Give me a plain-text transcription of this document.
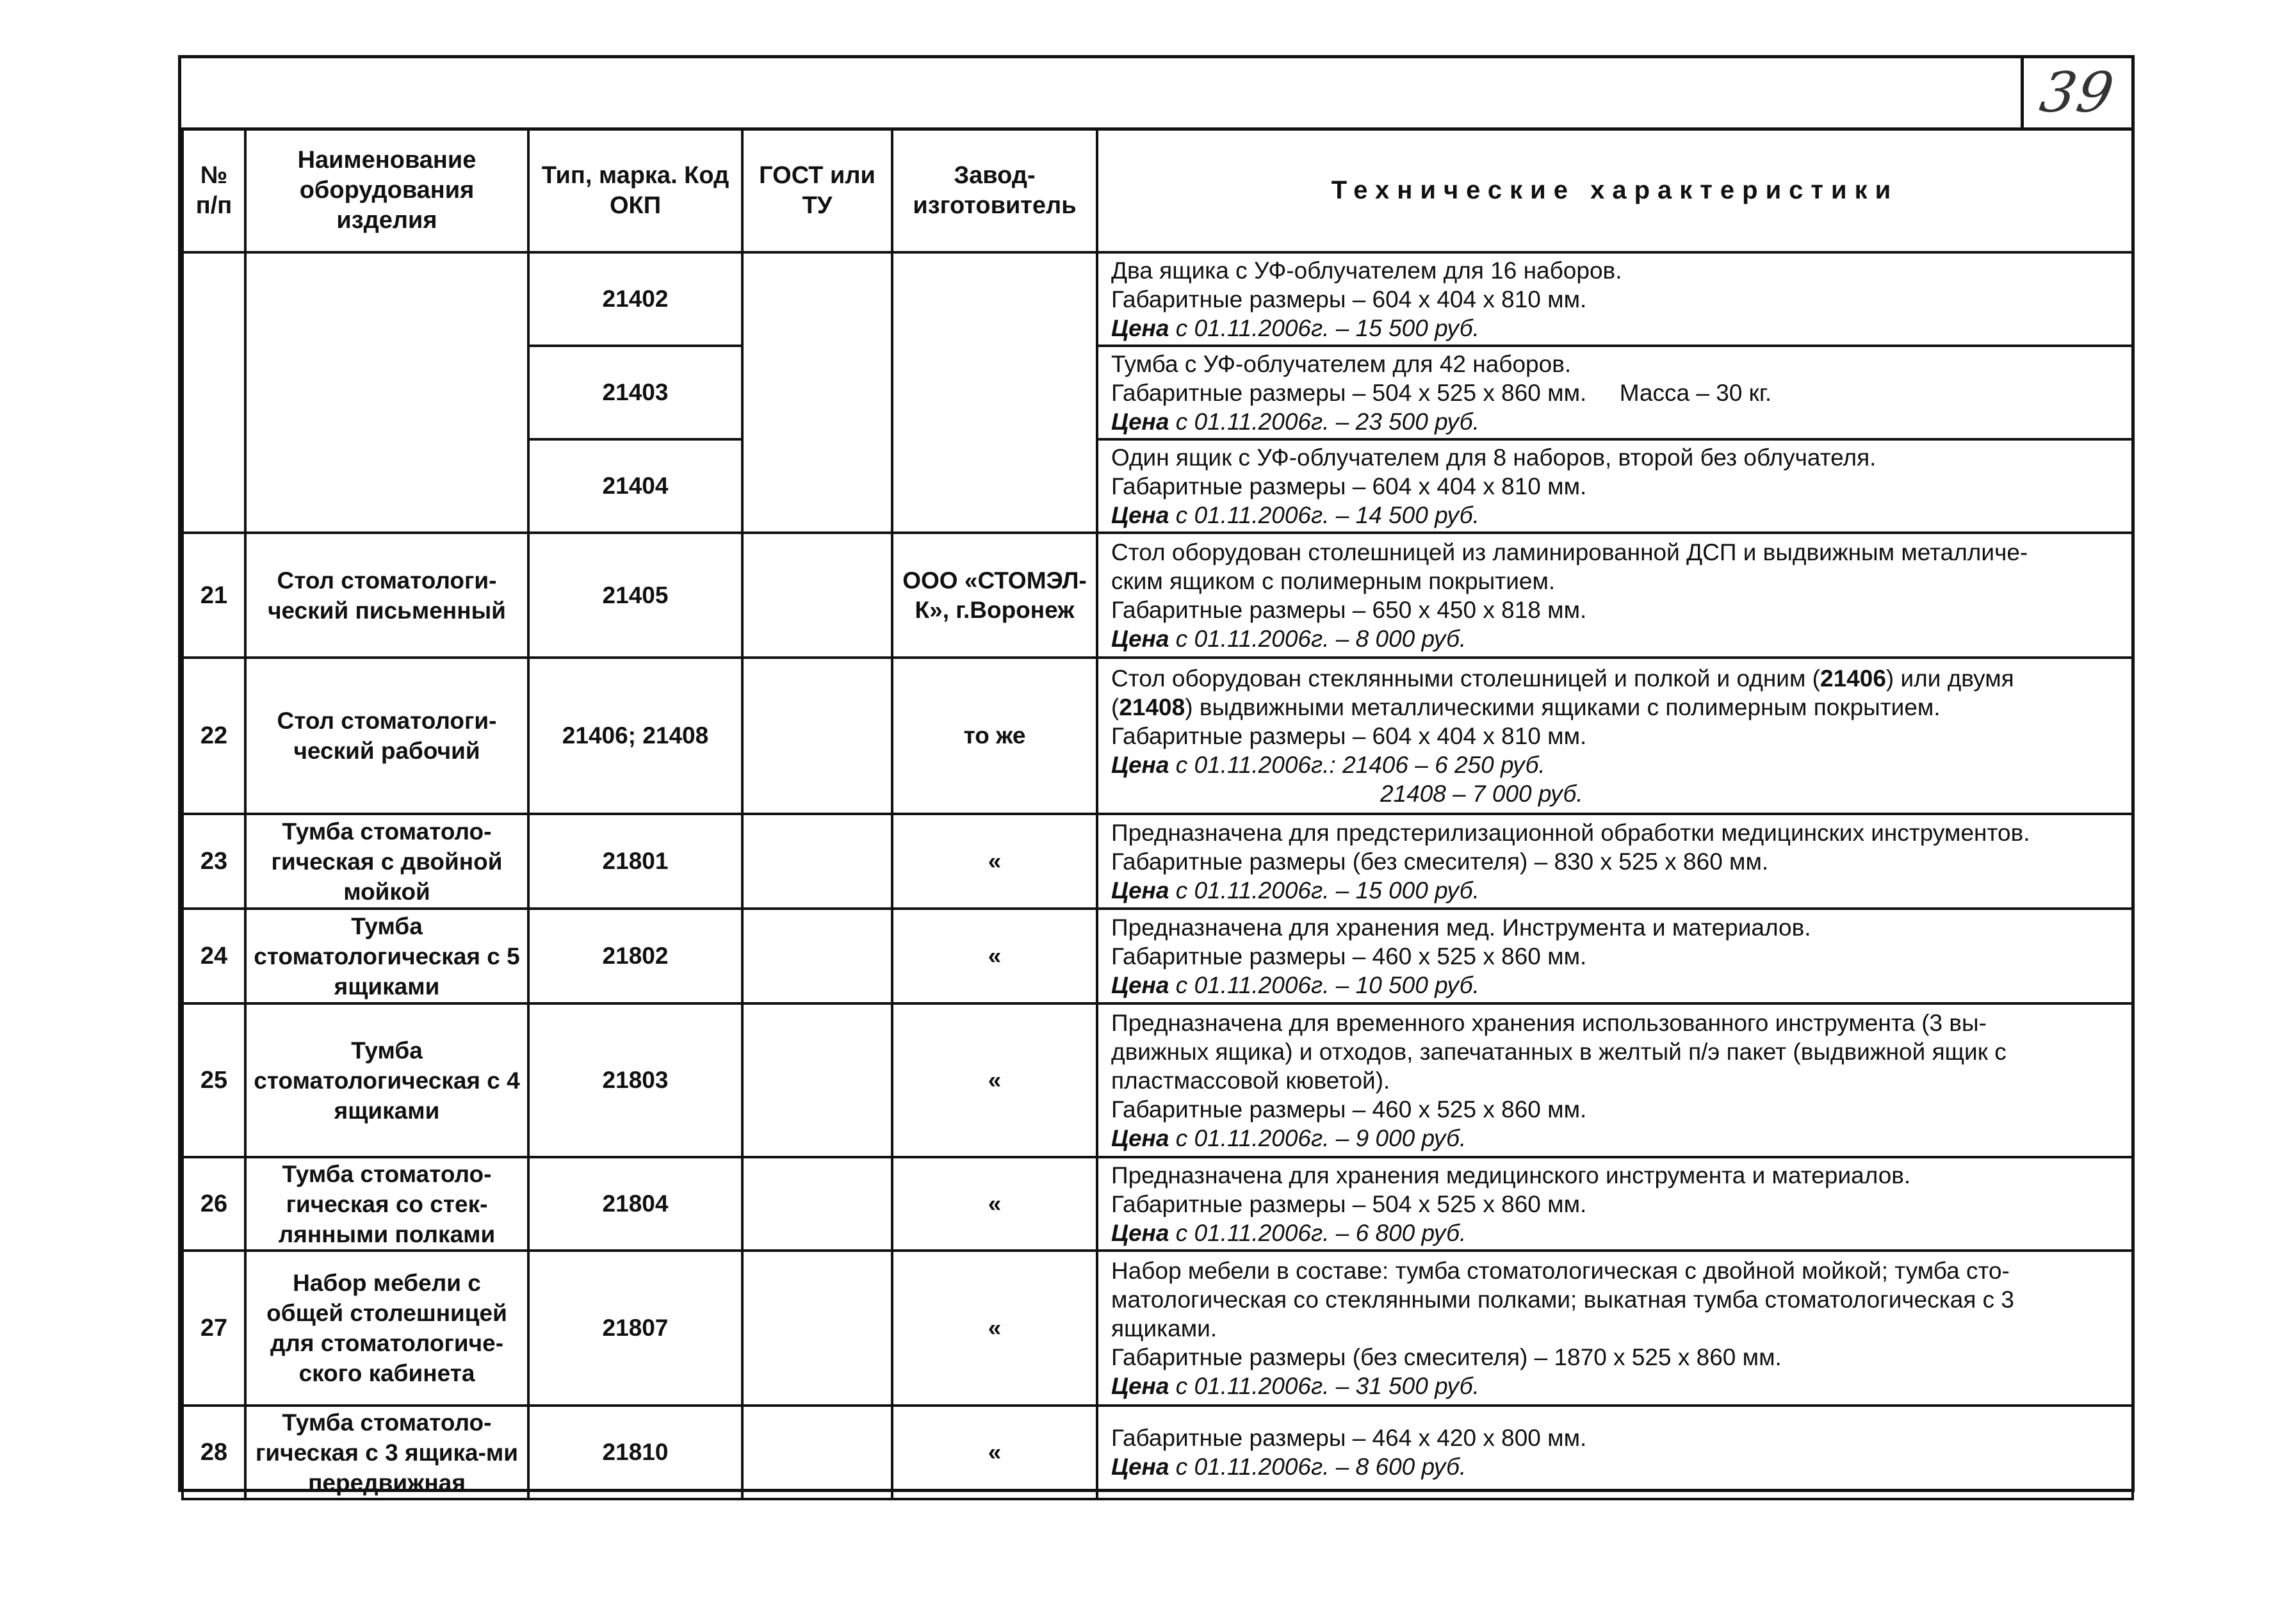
39
№ п/п	Наименование оборудования изделия	Тип, марка. Код ОКП	ГОСТ или ТУ	Завод-изготовитель	Технические характеристики
		21402			Два ящика с УФ-облучателем для 16 наборов.
Габаритные размеры – 604 х 404 х 810 мм.
Цена с 01.11.2006г. – 15 500 руб.

		21403			Тумба с УФ-облучателем для 42 наборов.
Габаритные размеры – 504 х 525 х 860 мм.     Масса – 30 кг.
Цена с 01.11.2006г. – 23 500 руб.

		21404			Один ящик с УФ-облучателем для 8 наборов, второй без облучателя.
Габаритные размеры – 604 х 404 х 810 мм.
Цена с 01.11.2006г. – 14 500 руб.

21	Стол стоматологи-ческий письменный	21405		ООО «СТОМЭЛ-К», г.Воронеж	Стол оборудован столешницей из ламинированной ДСП и выдвижным металличе-
ским ящиком с полимерным покрытием.
Габаритные размеры – 650 х 450 х 818 мм.
Цена с 01.11.2006г. – 8 000 руб.

22	Стол стоматологи-ческий рабочий	21406; 21408		то же	Стол оборудован стеклянными столешницей и полкой и одним (21406) или двумя
(21408) выдвижными металлическими ящиками с полимерным покрытием.
Габаритные размеры – 604 х 404 х 810 мм.
Цена с 01.11.2006г.: 21406 – 6 250 руб.
21408 – 7 000 руб.

23	Тумба стоматоло-гическая с двойной мойкой	21801		«	Предназначена для предстерилизационной обработки медицинских инструментов.
Габаритные размеры (без смесителя) – 830 х 525 х 860 мм.
Цена с 01.11.2006г. – 15 000 руб.

24	Тумба стоматологическая с 5 ящиками	21802		«	Предназначена для хранения мед. Инструмента и материалов.
Габаритные размеры – 460 х 525 х 860 мм.
Цена с 01.11.2006г. – 10 500 руб.

25	Тумба стоматологическая с 4 ящиками	21803		«	Предназначена для временного хранения использованного инструмента (3 вы-
движных ящика) и отходов, запечатанных в желтый п/э пакет (выдвижной ящик с
пластмассовой кюветой).
Габаритные размеры – 460 х 525 х 860 мм.
Цена с 01.11.2006г. – 9 000 руб.

26	Тумба стоматоло-гическая со стек-лянными полками	21804		«	Предназначена для хранения медицинского инструмента и материалов.
Габаритные размеры – 504 х 525 х 860 мм.
Цена с 01.11.2006г. – 6 800 руб.

27	Набор мебели с общей столешницей для стоматологиче-ского кабинета	21807		«	Набор мебели в составе: тумба стоматологическая с двойной мойкой; тумба сто-
матологическая со стеклянными полками; выкатная тумба стоматологическая с 3
ящиками.
Габаритные размеры (без смесителя) – 1870 х 525 х 860 мм.
Цена с 01.11.2006г. – 31 500 руб.

28	Тумба стоматоло-гическая с 3 ящика-ми передвижная	21810		«	Габаритные размеры – 464 х 420 х 800 мм.
Цена с 01.11.2006г. – 8 600 руб.
